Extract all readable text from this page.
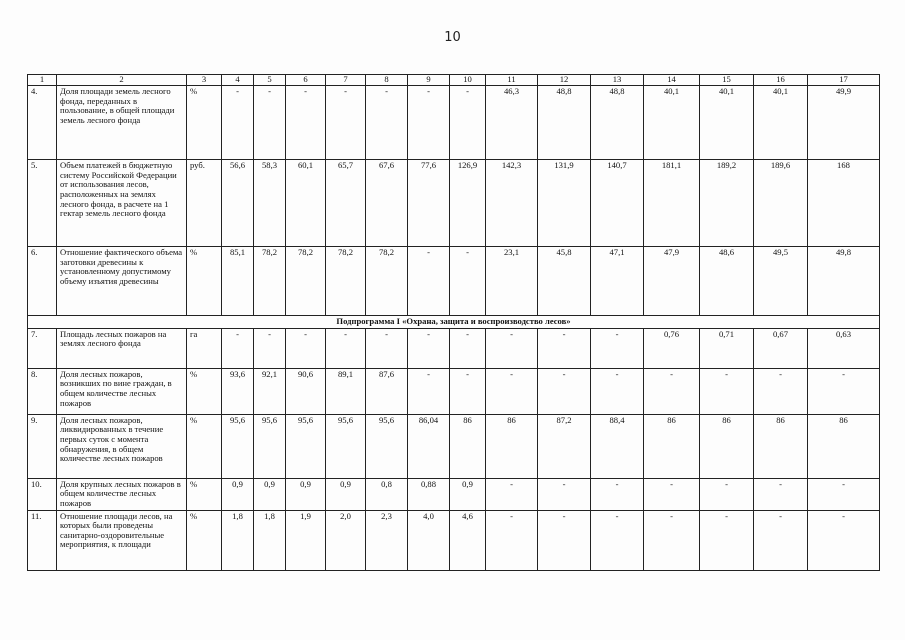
10
1	2	3	4	5	6	7	8	9	10	11	12	13	14	15	16	17
4.	Доля площади земель лесного фонда, переданных в пользование, в общей площади земель лесного фонда	%	-	-	-	-	-	-	-	46,3	48,8	48,8	40,1	40,1	40,1	49,9
5.	Объем платежей в бюджетную систему Российской Федерации от использования лесов, расположенных на землях лесного фонда, в расчете на 1 гектар земель лесного фонда	руб.	56,6	58,3	60,1	65,7	67,6	77,6	126,9	142,3	131,9	140,7	181,1	189,2	189,6	168
6.	Отношение фактического объема заготовки древесины к установленному допустимому объему изъятия древесины	%	85,1	78,2	78,2	78,2	78,2	-	-	23,1	45,8	47,1	47,9	48,6	49,5	49,8
Подпрограмма I «Охрана, защита и воспроизводство лесов»																
7.	Площадь лесных пожаров на землях лесного фонда	га	-	-	-	-	-	-	-	-	-	-	0,76	0,71	0,67	0,63
8.	Доля лесных пожаров, возникших по вине граждан, в общем количестве лесных пожаров	%	93,6	92,1	90,6	89,1	87,6	-	-	-	-	-	-	-	-	-
9.	Доля лесных пожаров, ликвидированных в течение первых суток с момента обнаружения, в общем количестве лесных пожаров	%	95,6	95,6	95,6	95,6	95,6	86,04	86	86	87,2	88,4	86	86	86	86
10.	Доля крупных лесных пожаров в общем количестве лесных пожаров	%	0,9	0,9	0,9	0,9	0,8	0,88	0,9	-	-	-	-	-	-	-
11.	Отношение площади лесов, на которых были проведены санитарно-оздоровительные мероприятия, к площади	%	1,8	1,8	1,9	2,0	2,3	4,0	4,6	-	-	-	-	-	-	-
